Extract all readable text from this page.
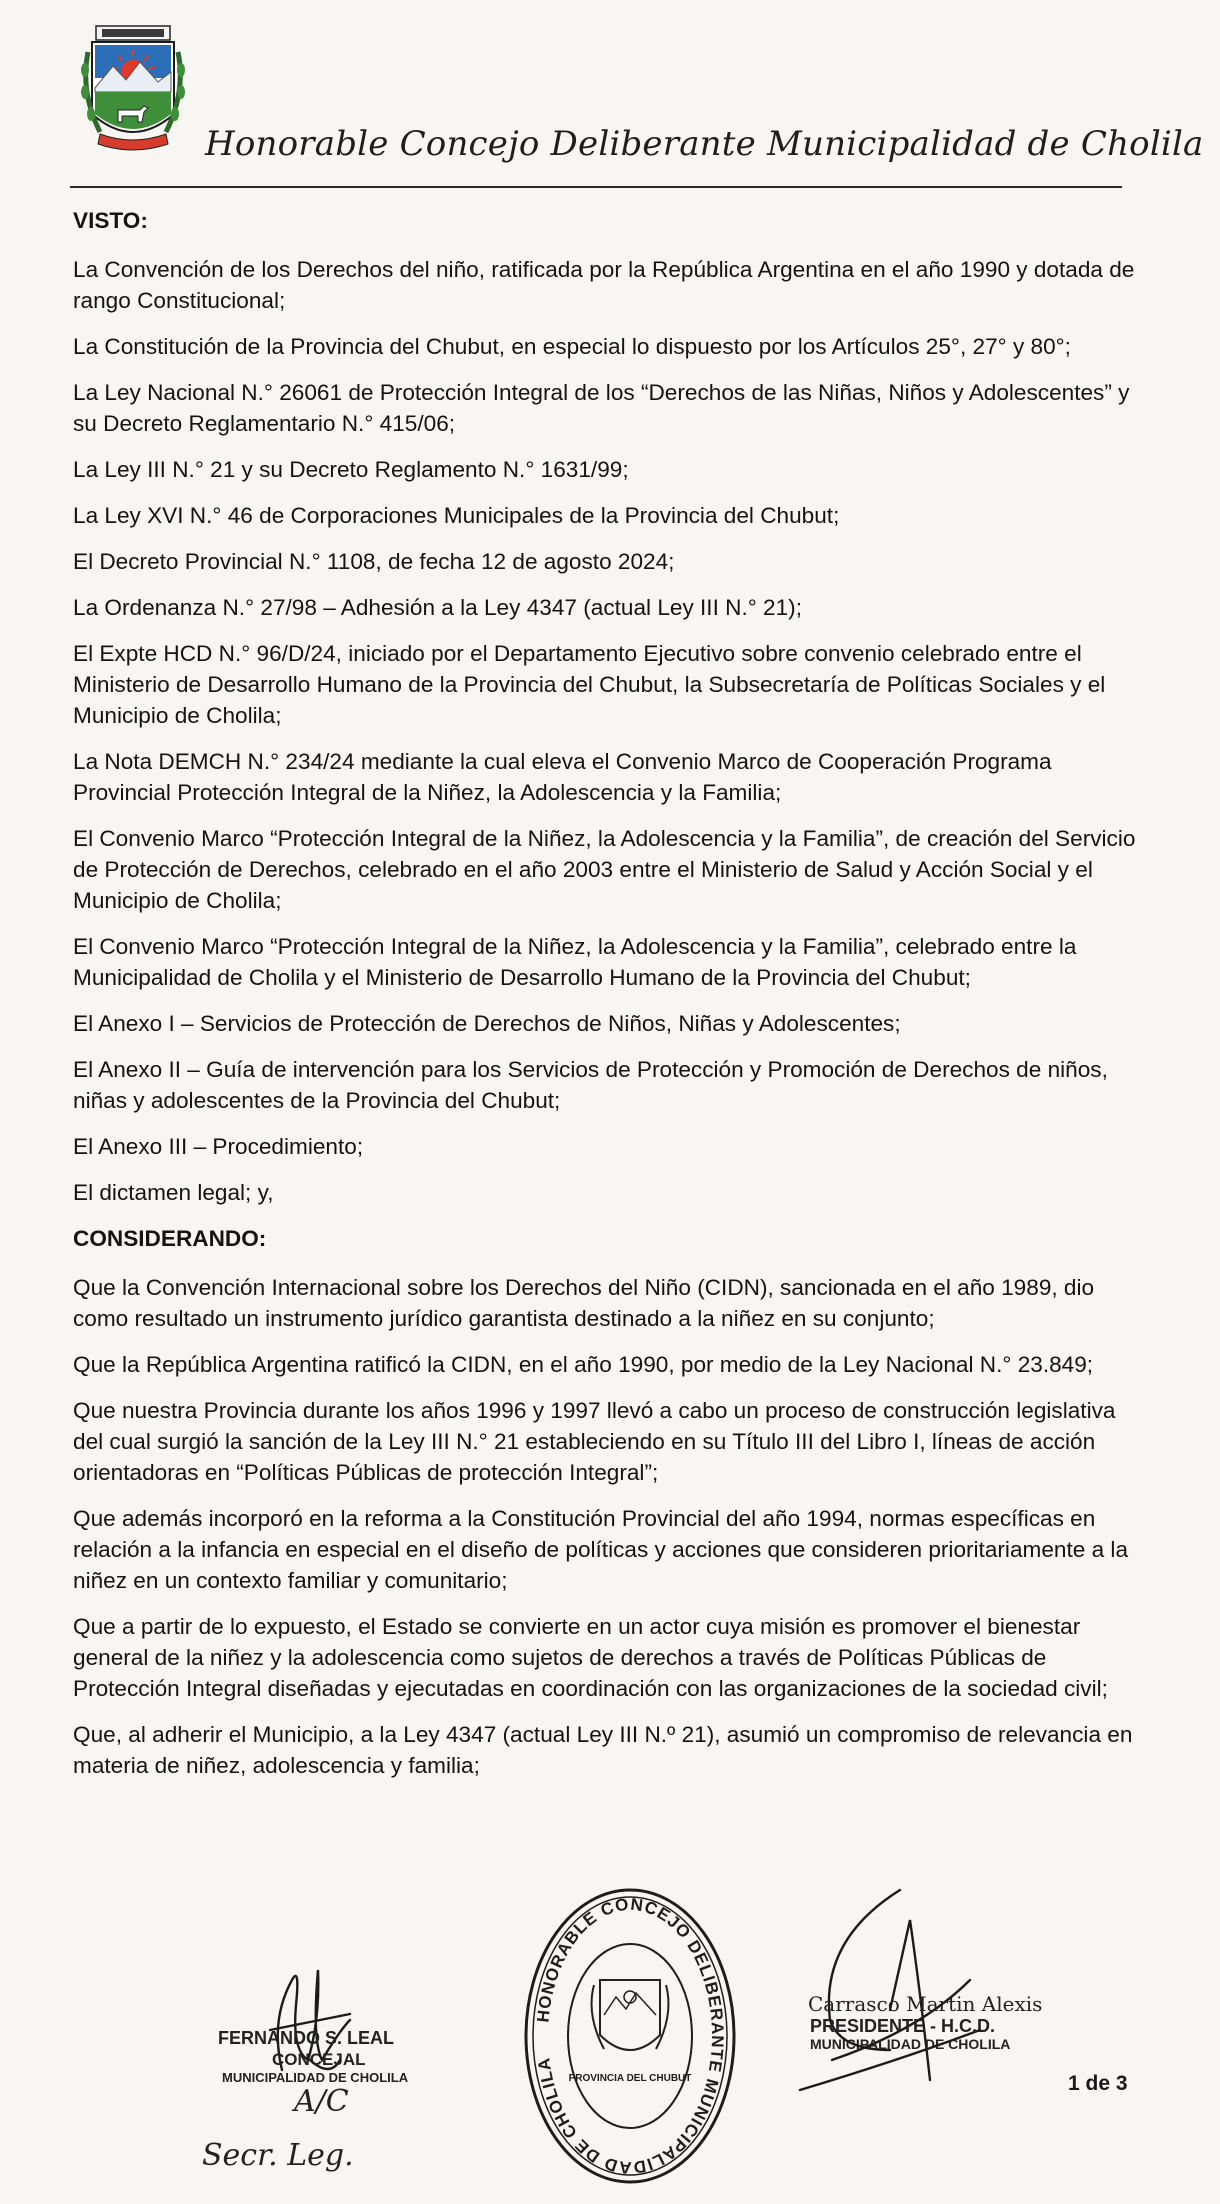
Honorable Concejo Deliberante Municipalidad de Cholila
VISTO:
La Convención de los Derechos del niño, ratificada por la República Argentina en el año 1990 y dotada de rango Constitucional;
La Constitución de la Provincia del Chubut, en especial lo dispuesto por los Artículos 25°, 27° y 80°;
La Ley Nacional N.° 26061 de Protección Integral de los “Derechos de las Niñas, Niños y Adolescentes” y su Decreto Reglamentario N.° 415/06;
La Ley III N.° 21 y su Decreto Reglamento N.° 1631/99;
La Ley XVI N.° 46 de Corporaciones Municipales de la Provincia del Chubut;
El Decreto Provincial N.° 1108, de fecha 12 de agosto 2024;
La Ordenanza N.° 27/98 – Adhesión a la Ley 4347 (actual Ley III N.° 21);
El Expte HCD N.° 96/D/24, iniciado por el Departamento Ejecutivo sobre convenio celebrado entre el Ministerio de Desarrollo Humano de la Provincia del Chubut, la Subsecretaría de Políticas Sociales y el Municipio de Cholila;
La Nota DEMCH N.° 234/24 mediante la cual eleva el Convenio Marco de Cooperación Programa Provincial Protección Integral de la Niñez, la Adolescencia y la Familia;
El Convenio Marco “Protección Integral de la Niñez, la Adolescencia y la Familia”, de creación del Servicio de Protección de Derechos, celebrado en el año 2003 entre el Ministerio de Salud y Acción Social y el Municipio de Cholila;
El Convenio Marco “Protección Integral de la Niñez, la Adolescencia y la Familia”, celebrado entre la Municipalidad de Cholila y el Ministerio de Desarrollo Humano de la Provincia del Chubut;
El Anexo I – Servicios de Protección de Derechos de Niños, Niñas y Adolescentes;
El Anexo II – Guía de intervención para los Servicios de Protección y Promoción de Derechos de niños, niñas y adolescentes de la Provincia del Chubut;
El Anexo III – Procedimiento;
El dictamen legal; y,
CONSIDERANDO:
Que la Convención Internacional sobre los Derechos del Niño (CIDN), sancionada en el año 1989, dio como resultado un instrumento jurídico garantista destinado a la niñez en su conjunto;
Que la República Argentina ratificó la CIDN, en el año 1990, por medio de la Ley Nacional N.° 23.849;
Que nuestra Provincia durante los años 1996 y 1997 llevó a cabo un proceso de construcción legislativa del cual surgió la sanción de la Ley III N.° 21 estableciendo en su Título III del Libro I, líneas de acción orientadoras en “Políticas Públicas de protección Integral”;
Que además incorporó en la reforma a la Constitución Provincial del año 1994, normas específicas en relación a la infancia en especial en el diseño de políticas y acciones que consideren prioritariamente a la niñez en un contexto familiar y comunitario;
Que a partir de lo expuesto, el Estado se convierte en un actor cuya misión es promover el bienestar general de la niñez y la adolescencia como sujetos de derechos a través de Políticas Públicas de Protección Integral diseñadas y ejecutadas en coordinación con las organizaciones de la sociedad civil;
Que, al adherir el Municipio, a la Ley 4347 (actual Ley III N.º 21), asumió un compromiso de relevancia en materia de niñez, adolescencia y familia;
FERNANDO S. LEAL
CONCEJAL
MUNICIPALIDAD DE CHOLILA
A/C
Secr. Leg.
HONORABLE CONCEJO DELIBERANTE MUNICIPALIDAD DE CHOLILA
PROVINCIA DEL CHUBUT
Carrasco Martin Alexis
PRESIDENTE - H.C.D.
MUNICIPALIDAD DE CHOLILA
1 de 3
